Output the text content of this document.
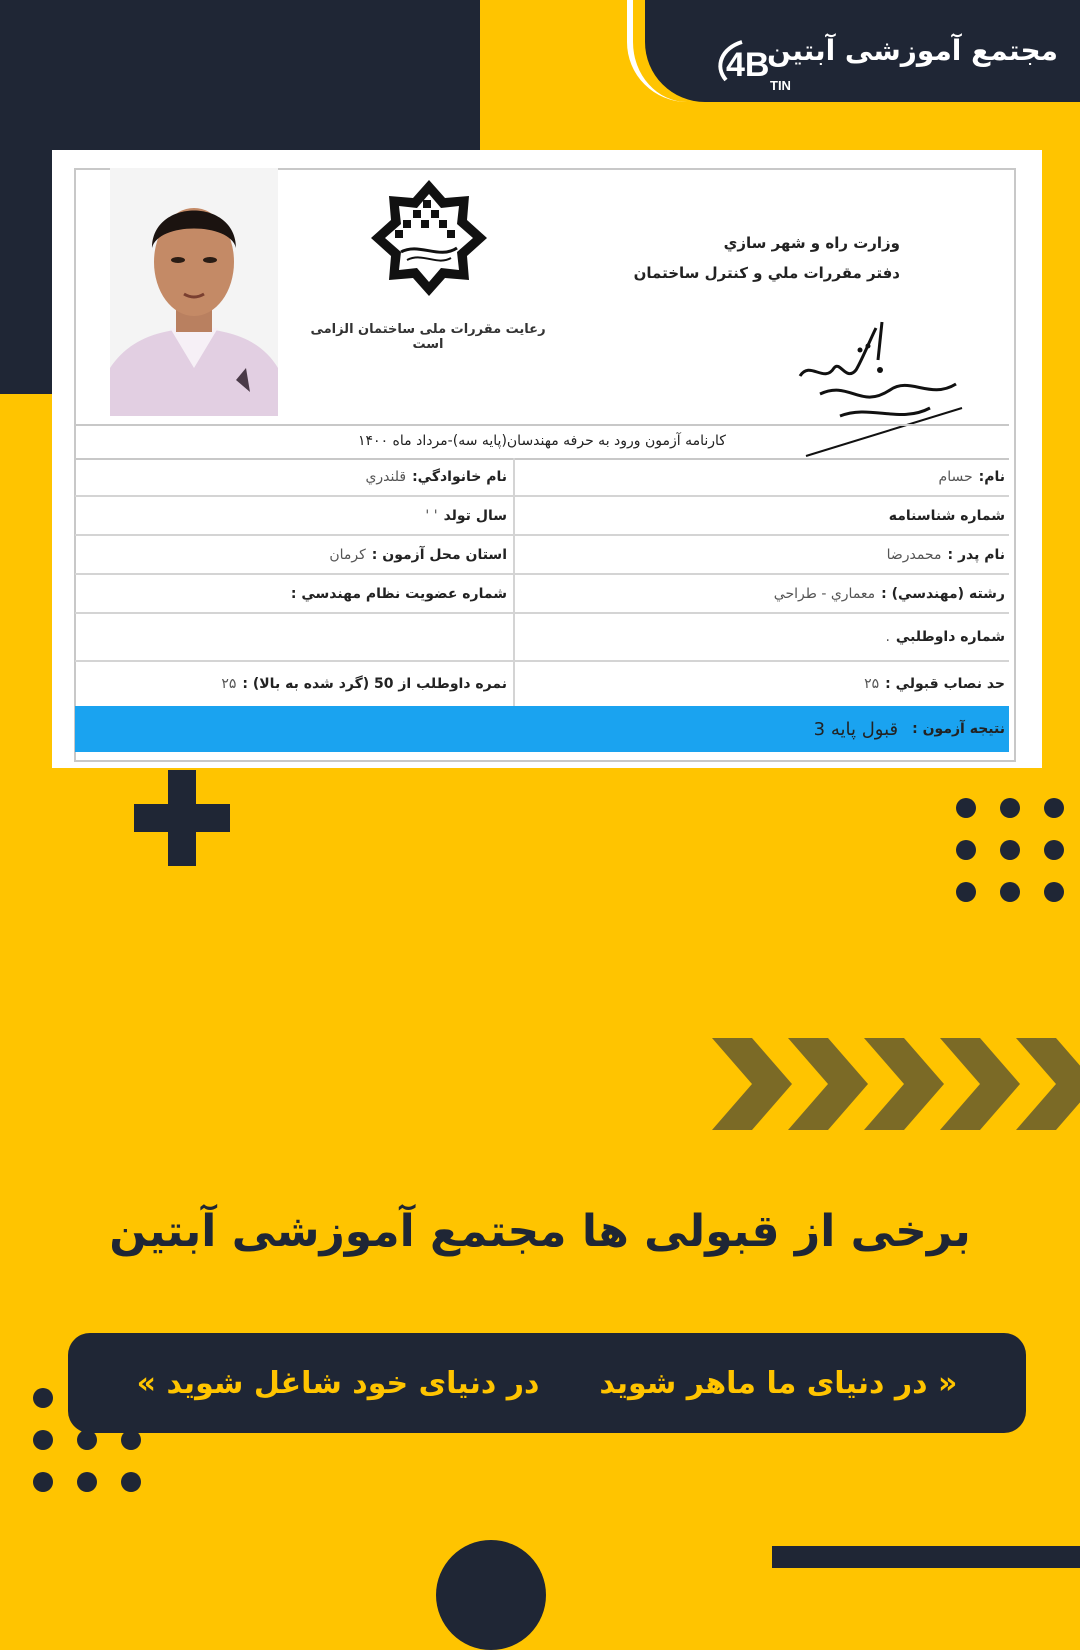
مجتمع آموزشی آبتین
4B
TIN
رعايت مقررات ملی ساختمان الزامی است
وزارت راه و شهر سازي
دفتر مقررات ملي و كنترل ساختمان
كارنامه آزمون ورود به حرفه مهندسان(پايه سه)-مرداد ماه ۱۴۰۰
نام:
حسام
نام خانوادگي:
قلندري
شماره شناسنامه
سال تولد
' '
نام پدر :
محمدرضا
استان محل آزمون :
كرمان
رشته (مهندسي) :
معماري - طراحي
شماره عضويت نظام مهندسي :
شماره داوطلبي
.
حد نصاب قبولي :
۲۵
نمره داوطلب از 50 (گرد شده به بالا) :
۲۵
نتيجه آزمون :
قبول پايه 3
برخی از قبولی ها مجتمع آموزشی آبتین
« در دنیای ما ماهر شوید
در دنیای خود شاغل شوید »
